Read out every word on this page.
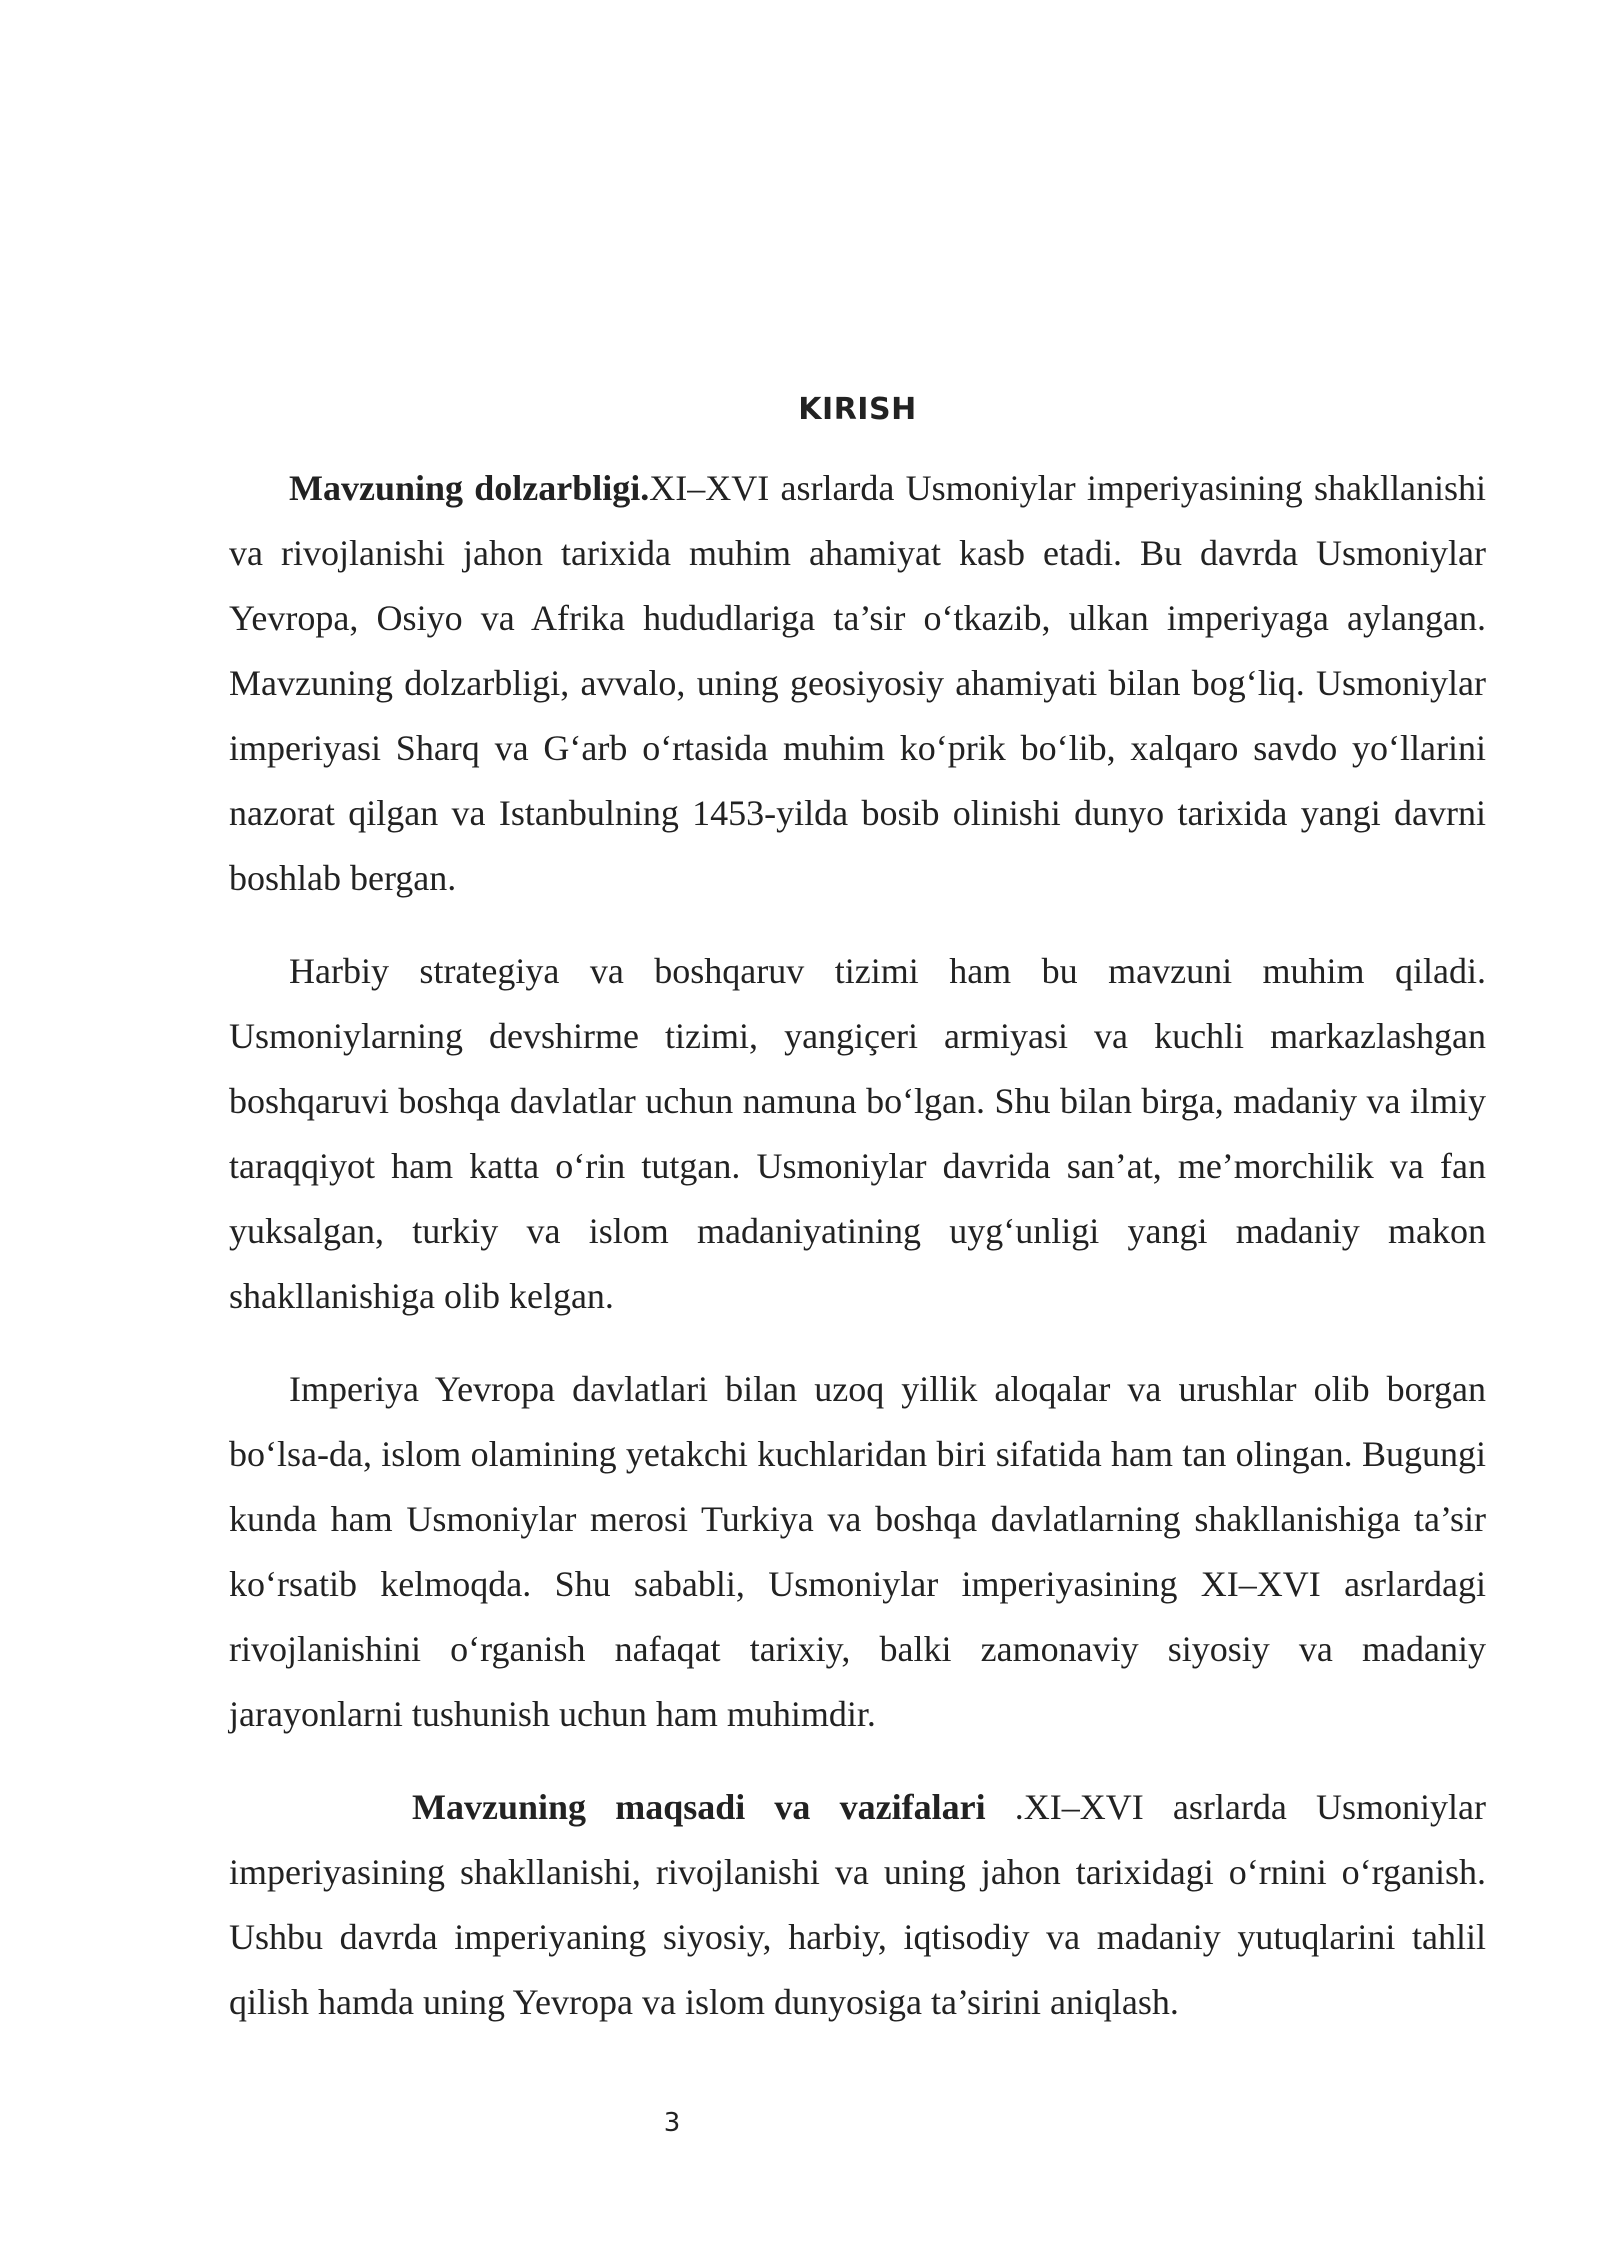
KIRISH

Mavzuning dolzarbligi.XI–XVI asrlarda Usmoniylar imperiyasining shakllanishi va rivojlanishi jahon tarixida muhim ahamiyat kasb etadi. Bu davrda Usmoniylar Yevropa, Osiyo va Afrika hududlariga ta’sir o‘tkazib, ulkan imperiyaga aylangan. Mavzuning dolzarbligi, avvalo, uning geosiyosiy ahamiyati bilan bog‘liq. Usmoniylar imperiyasi Sharq va G‘arb o‘rtasida muhim ko‘prik bo‘lib, xalqaro savdo yo‘llarini nazorat qilgan va Istanbulning 1453-yilda bosib olinishi dunyo tarixida yangi davrni boshlab bergan.

Harbiy strategiya va boshqaruv tizimi ham bu mavzuni muhim qiladi. Usmoniylarning devshirme tizimi, yangiçeri armiyasi va kuchli markazlashgan boshqaruvi boshqa davlatlar uchun namuna bo‘lgan. Shu bilan birga, madaniy va ilmiy taraqqiyot ham katta o‘rin tutgan. Usmoniylar davrida san’at, me’morchilik va fan yuksalgan, turkiy va islom madaniyatining uyg‘unligi yangi madaniy makon shakllanishiga olib kelgan.

Imperiya Yevropa davlatlari bilan uzoq yillik aloqalar va urushlar olib borgan bo‘lsa-da, islom olamining yetakchi kuchlaridan biri sifatida ham tan olingan. Bugungi kunda ham Usmoniylar merosi Turkiya va boshqa davlatlarning shakllanishiga ta’sir ko‘rsatib kelmoqda. Shu sababli, Usmoniylar imperiyasining XI–XVI asrlardagi rivojlanishini o‘rganish nafaqat tarixiy, balki zamonaviy siyosiy va madaniy jarayonlarni tushunish uchun ham muhimdir.

Mavzuning maqsadi va vazifalari .XI–XVI asrlarda Usmoniylar imperiyasining shakllanishi, rivojlanishi va uning jahon tarixidagi o‘rnini o‘rganish. Ushbu davrda imperiyaning siyosiy, harbiy, iqtisodiy va madaniy yutuqlarini tahlil qilish hamda uning Yevropa va islom dunyosiga ta’sirini aniqlash.

3
